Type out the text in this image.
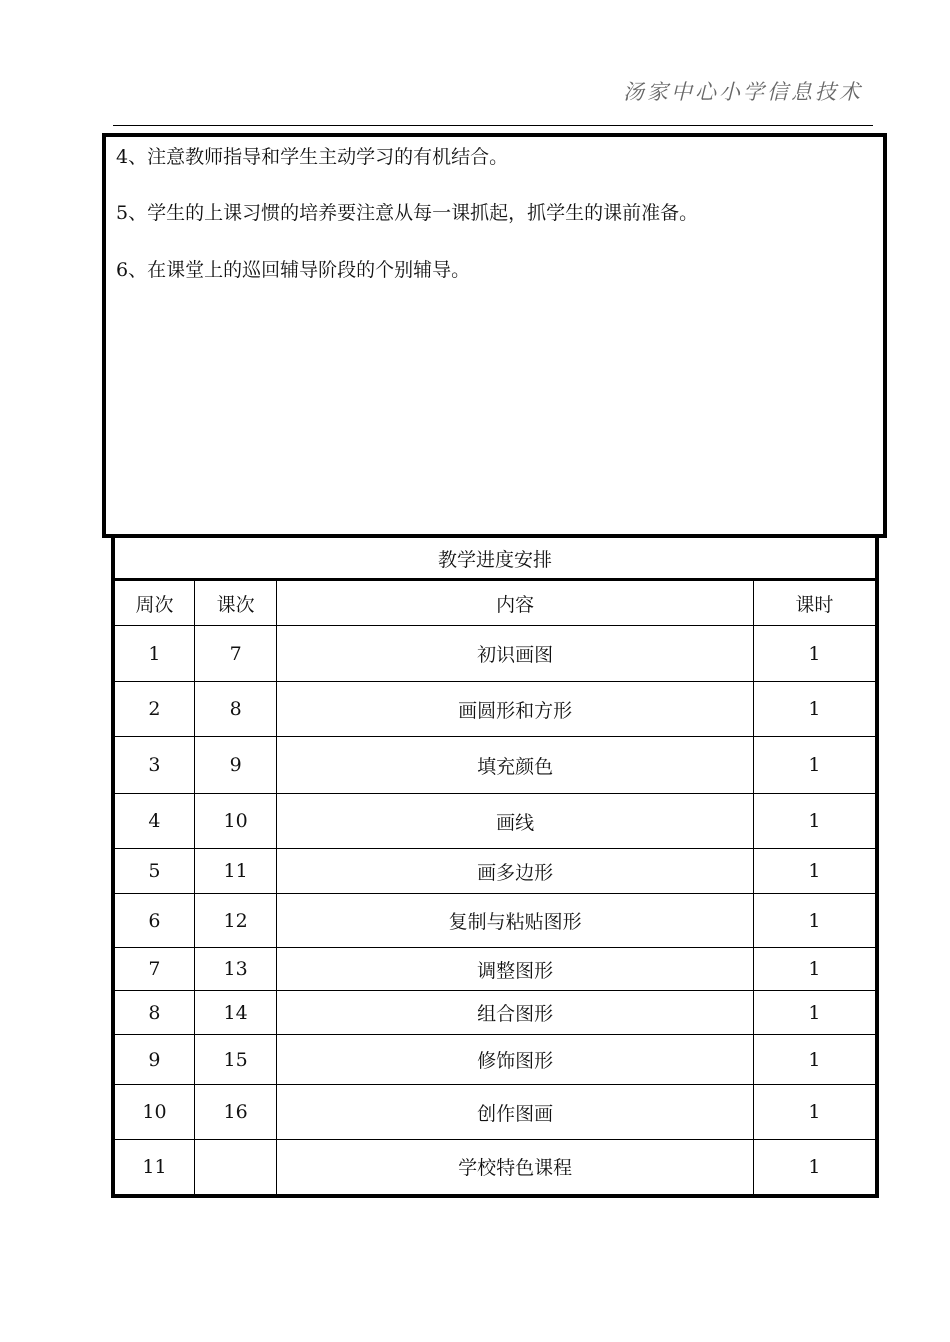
汤家中心小学信息技术
4、注意教师指导和学生主动学习的有机结合。
5、学生的上课习惯的培养要注意从每一课抓起，抓学生的课前准备。
6、在课堂上的巡回辅导阶段的个别辅导。
教学进度安排			
周次	课次	内容	课时
1	7	初识画图	1
2	8	画圆形和方形	1
3	9	填充颜色	1
4	10	画线	1
5	11	画多边形	1
6	12	复制与粘贴图形	1
7	13	调整图形	1
8	14	组合图形	1
9	15	修饰图形	1
10	16	创作图画	1
11		学校特色课程	1
